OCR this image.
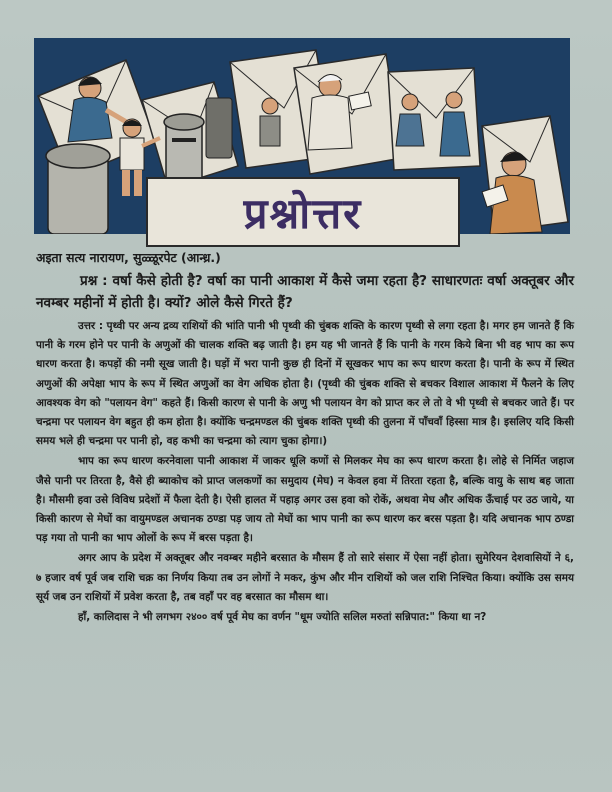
प्रश्नोत्तर
अइता सत्य नारायण, सुळ्ळूरपेट (आन्ध्र.)
प्रश्न : वर्षा कैसे होती है? वर्षा का पानी आकाश में कैसे जमा रहता है? साधारणतः वर्षा अक्तूबर और नवम्बर महीनों में होती है। क्यों? ओले कैसे गिरते हैं?
उत्तर : पृथ्वी पर अन्य द्रव्य राशियों की भांति पानी भी पृथ्वी की चुंबक शक्ति के कारण पृथ्वी से लगा रहता है। मगर हम जानते हैं कि पानी के गरम होने पर पानी के अणुओं की चालक शक्ति बढ़ जाती है। हम यह भी जानते हैं कि पानी के गरम किये बिना भी वह भाप का रूप धारण करता है। कपड़ों की नमी सूख जाती है। घड़ों में भरा पानी कुछ ही दिनों में सूखकर भाप का रूप धारण करता है। पानी के रूप में स्थित अणुओं की अपेक्षा भाप के रूप में स्थित अणुओं का वेग अधिक होता है। (पृथ्वी की चुंबक शक्ति से बचकर विशाल आकाश में फैलने के लिए आवश्यक वेग को "पलायन वेग" कहते हैं। किसी कारण से पानी के अणु भी पलायन वेग को प्राप्त कर ले तो वे भी पृथ्वी से बचकर जाते हैं। पर चन्द्रमा पर पलायन वेग बहुत ही कम होता है। क्योंकि चन्द्रमण्डल की चुंबक शक्ति पृथ्वी की तुलना में पाँचवाँ हिस्सा मात्र है। इसलिए यदि किसी समय भले ही चन्द्रमा पर पानी हो, वह कभी का चन्द्रमा को त्याग चुका होगा।)
भाप का रूप धारण करनेवाला पानी आकाश में जाकर धूलि कणों से मिलकर मेघ का रूप धारण करता है। लोहे से निर्मित जहाज जैसे पानी पर तिरता है, वैसे ही ब्याकोच को प्राप्त जलकणों का समुदाय (मेघ) न केवल हवा में तिरता रहता है, बल्कि वायु के साथ बह जाता है। मौसमी हवा उसे विविध प्रदेशों में फैला देती है। ऐसी हालत में पहाड़ अगर उस हवा को रोकें, अथवा मेघ और अधिक ऊँचाई पर उठ जाये, या किसी कारण से मेघों का वायुमण्डल अचानक ठण्डा पड़ जाय तो मेघों का भाप पानी का रूप धारण कर बरस पड़ता है। यदि अचानक भाप ठण्डा पड़ गया तो पानी का भाप ओलों के रूप में बरस पड़ता है।
अगर आप के प्रदेश में अक्तूबर और नवम्बर महीने बरसात के मौसम हैं तो सारे संसार में ऐसा नहीं होता। सुमेरियन देशवासियों ने ६, ७ हजार वर्ष पूर्व जब राशि चक्र का निर्णय किया तब उन लोगों ने मकर, कुंभ और मीन राशियों को जल राशि निश्चित किया। क्योंकि उस समय सूर्य जब उन राशियों में प्रवेश करता है, तब वहाँ पर वह बरसात का मौसम था।
हाँ, कालिदास ने भी लगभग २४०० वर्ष पूर्व मेघ का वर्णन "धूम ज्योति सलिल मरुतां सन्निपात:" किया था न?
